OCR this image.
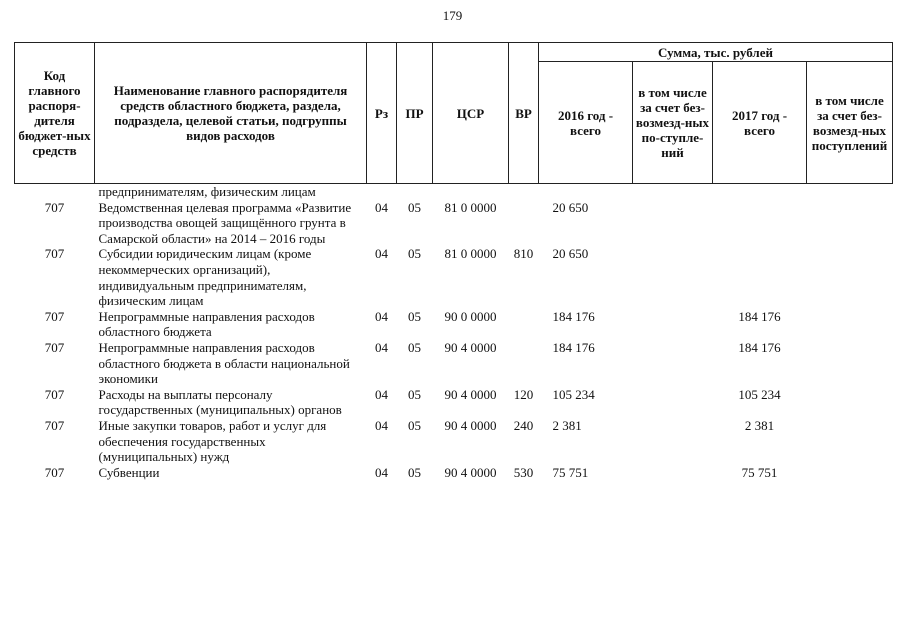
179
Код главного распоря-дителя бюджет-ных средств	Наименование главного распорядителя средств областного бюджета, раздела, подраздела, целевой статьи, подгруппы видов расходов	Рз	ПР	ЦСР	ВР	Сумма, тыс. рублей			
						2016 год - всего	в том числе за счет без-возмезд-ных по-ступле-ний	2017 год - всего	в том числе за счет без-возмезд-ных поступлений
	предпринимателям, физическим лицам								
707	Ведомственная целевая программа «Развитие производства овощей защищённого грунта в Самарской области» на 2014 – 2016 годы	04	05	81 0 0000		20 650			
707	Субсидии юридическим лицам (кроме некоммерческих организаций), индивидуальным предпринимателям, физическим лицам	04	05	81 0 0000	810	20 650			
707	Непрограммные направления расходов областного бюджета	04	05	90 0 0000		184 176		184 176	
707	Непрограммные направления расходов областного бюджета в области национальной экономики	04	05	90 4 0000		184 176		184 176	
707	Расходы на выплаты персоналу государственных (муниципальных) органов	04	05	90 4 0000	120	105 234		105 234	
707	Иные закупки товаров, работ и услуг для обеспечения государственных (муниципальных) нужд	04	05	90 4 0000	240	2 381		2 381	
707	Субвенции	04	05	90 4 0000	530	75 751		75 751	
